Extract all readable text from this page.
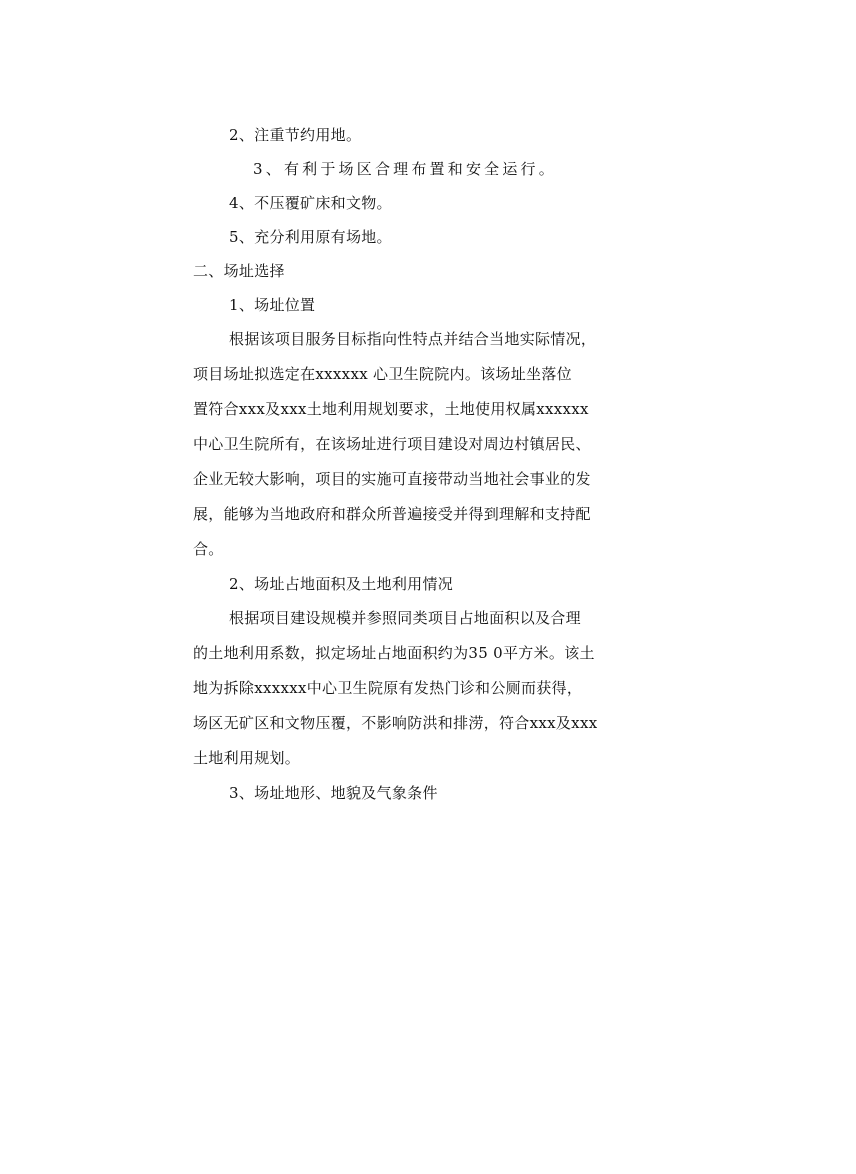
2、注重节约用地。
3、有利于场区合理布置和安全运行。
4、不压覆矿床和文物。
5、充分利用原有场地。
二、场址选择
1、场址位置
根据该项目服务目标指向性特点并结合当地实际情况，
项目场址拟选定在xxxxxx 心卫生院院内。该场址坐落位
置符合xxx及xxx土地利用规划要求，土地使用权属xxxxxx
中心卫生院所有，在该场址进行项目建设对周边村镇居民、
企业无较大影响，项目的实施可直接带动当地社会事业的发
展，能够为当地政府和群众所普遍接受并得到理解和支持配
合。
2、场址占地面积及土地利用情况
根据项目建设规模并参照同类项目占地面积以及合理
的土地利用系数，拟定场址占地面积约为35 0平方米。该土
地为拆除xxxxxx中心卫生院原有发热门诊和公厕而获得，
场区无矿区和文物压覆，不影响防洪和排涝，符合xxx及xxx
土地利用规划。
3、场址地形、地貌及气象条件
